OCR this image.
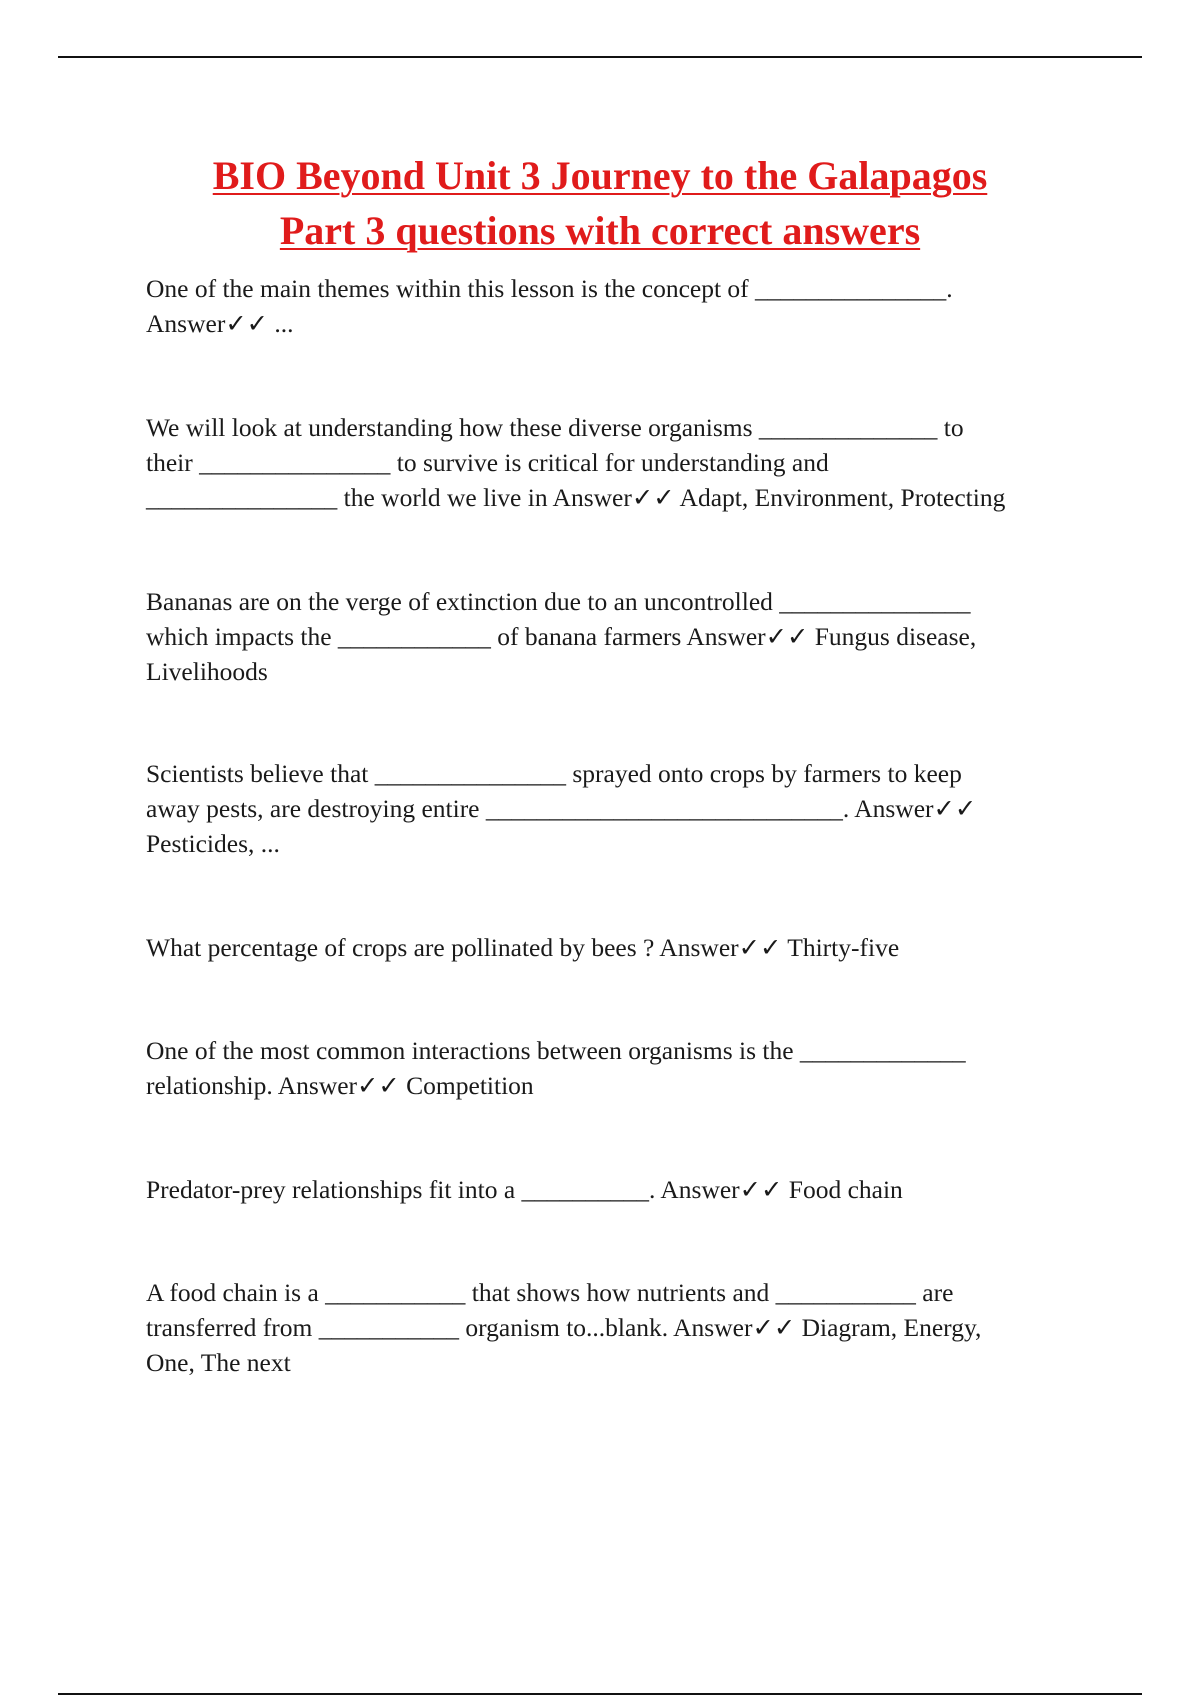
BIO Beyond Unit 3 Journey to the Galapagos
Part 3 questions with correct answers
One of the main themes within this lesson is the concept of _______________.
Answer✓✓ ...
We will look at understanding how these diverse organisms ______________ to
their _______________ to survive is critical for understanding and
_______________ the world we live in Answer✓✓ Adapt, Environment, Protecting
Bananas are on the verge of extinction due to an uncontrolled _______________
which impacts the ____________ of banana farmers Answer✓✓ Fungus disease,
Livelihoods
Scientists believe that _______________ sprayed onto crops by farmers to keep
away pests, are destroying entire ____________________________. Answer✓✓
Pesticides, ...
What percentage of crops are pollinated by bees ? Answer✓✓ Thirty-five
One of the most common interactions between organisms is the _____________
relationship. Answer✓✓ Competition
Predator-prey relationships fit into a __________. Answer✓✓ Food chain
A food chain is a ___________ that shows how nutrients and ___________ are
transferred from ___________ organism to...blank. Answer✓✓ Diagram, Energy,
One, The next
